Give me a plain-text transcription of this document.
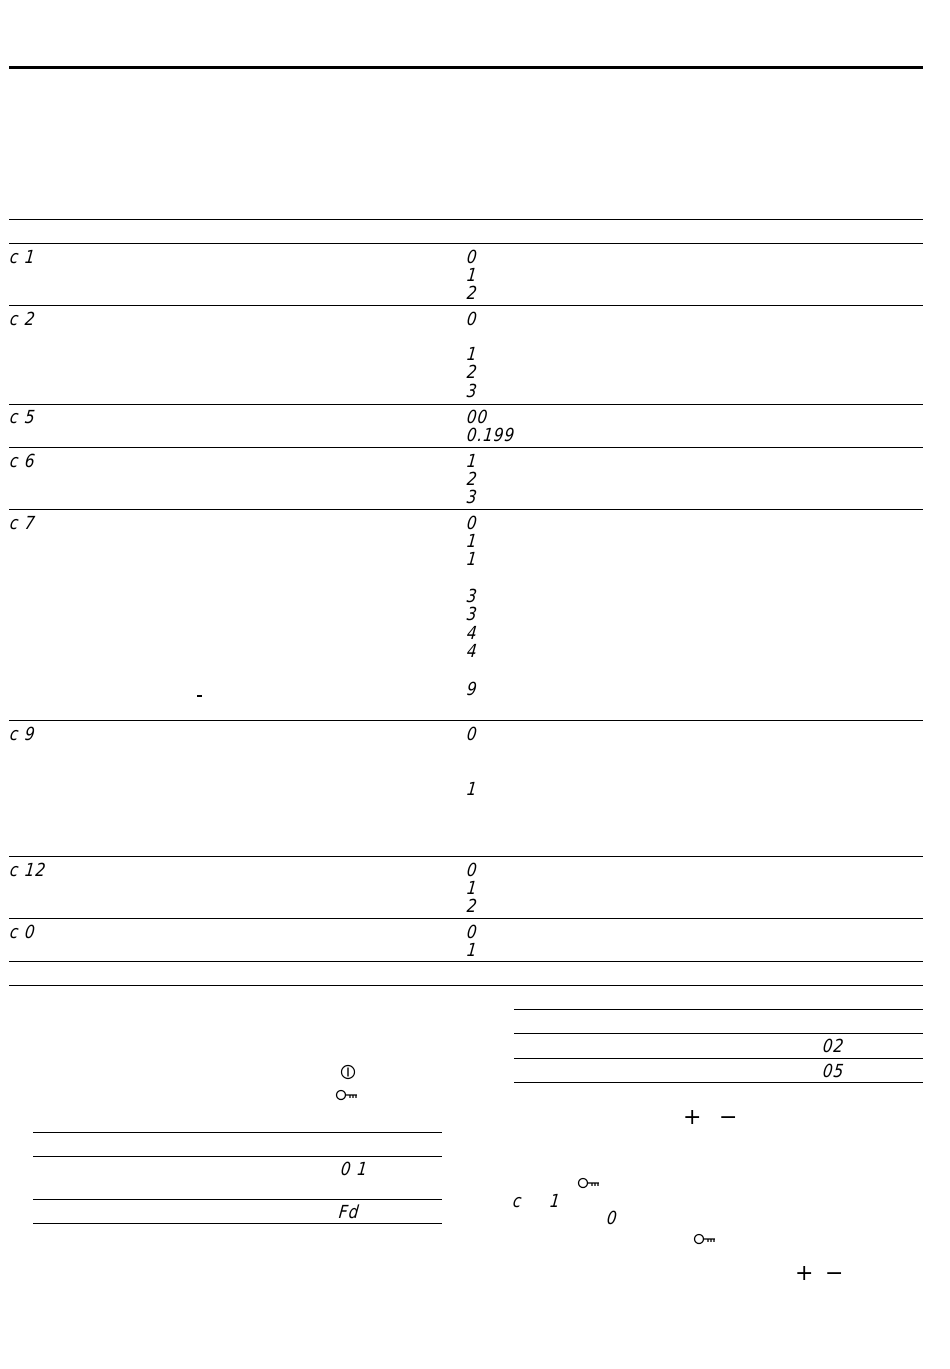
c 1	0
1
2
c 2	0
1
2
3
c 5	00
0.199
c 6	1
2
3
c 7	0
1
1
3
3
4
4
9
c 9	0
1
c 12	0
1
2
c 0	0
1
0 1
Fd
02
05
+ −
c 1
0
+ −
